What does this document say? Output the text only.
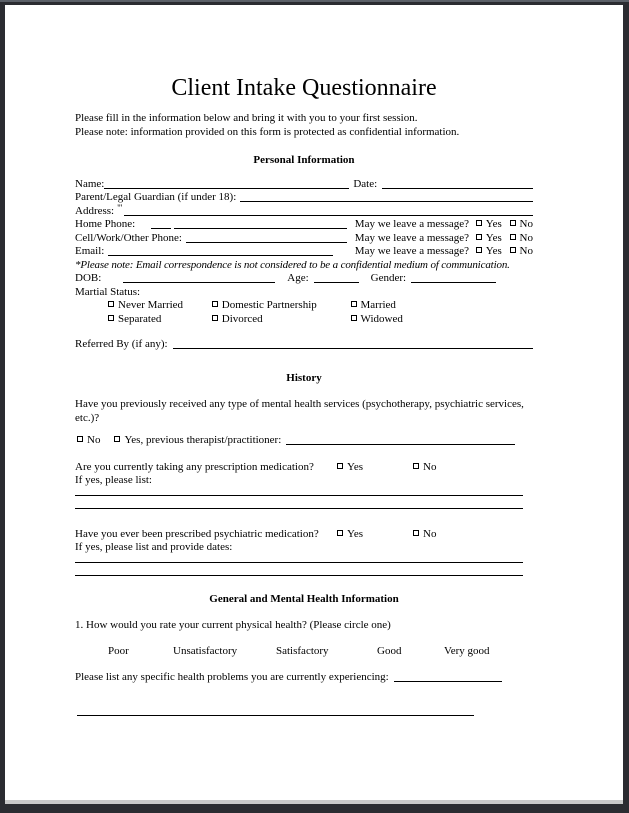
Client Intake Questionnaire
Please fill in the information below and bring it with you to your first session.
Please note: information provided on this form is protected as confidential information.
Personal Information
Name:	Date:
Parent/Legal Guardian (if under 18):
Address: "'
Home Phone:	May we leave a message? Yes No
Cell/Work/Other Phone:	May we leave a message? Yes No
Email:	May we leave a message? Yes No
*Please note: Email correspondence is not considered to be a confidential medium of communication.
DOB:	Age:	Gender:
Martial Status:
Never Married	Domestic Partnership	Married
Separated	Divorced	Widowed
Referred By (if any):
History
Have you previously received any type of mental health services (psychotherapy, psychiatric services, etc.)?
No	Yes, previous therapist/practitioner:
Are you currently taking any prescription medication?	Yes	No
If yes, please list:
Have you ever been prescribed psychiatric medication?	Yes	No
If yes, please list and provide dates:
General and Mental Health Information
1. How would you rate your current physical health? (Please circle one)
Poor	Unsatisfactory	Satisfactory	Good	Very good
Please list any specific health problems you are currently experiencing:
